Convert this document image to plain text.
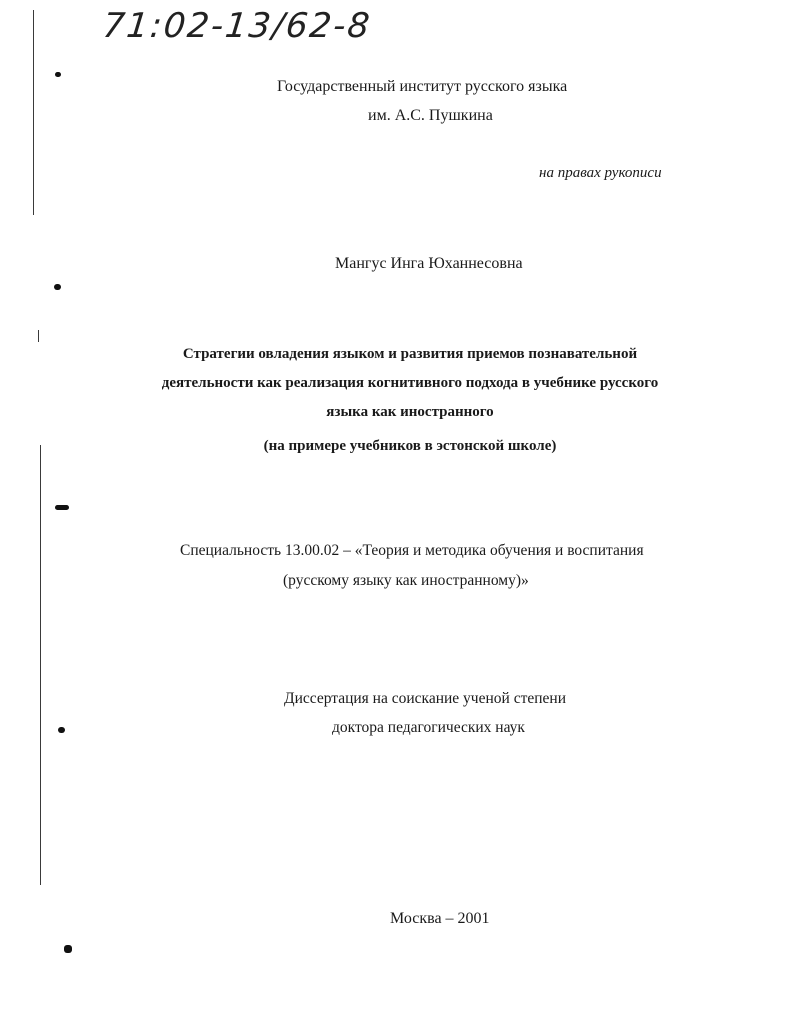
71:02-13/62-8
Государственный институт русского языка
им. А.С. Пушкина
на правах рукописи
Мангус Инга Юханнесовна
Стратегии овладения языком и развития приемов познавательной
деятельности как реализация когнитивного подхода в учебнике русского
языка как иностранного
(на примере учебников в эстонской школе)
Специальность 13.00.02 – «Теория и методика обучения и воспитания
(русскому языку как иностранному)»
Диссертация на соискание ученой степени
доктора педагогических наук
Москва – 2001
